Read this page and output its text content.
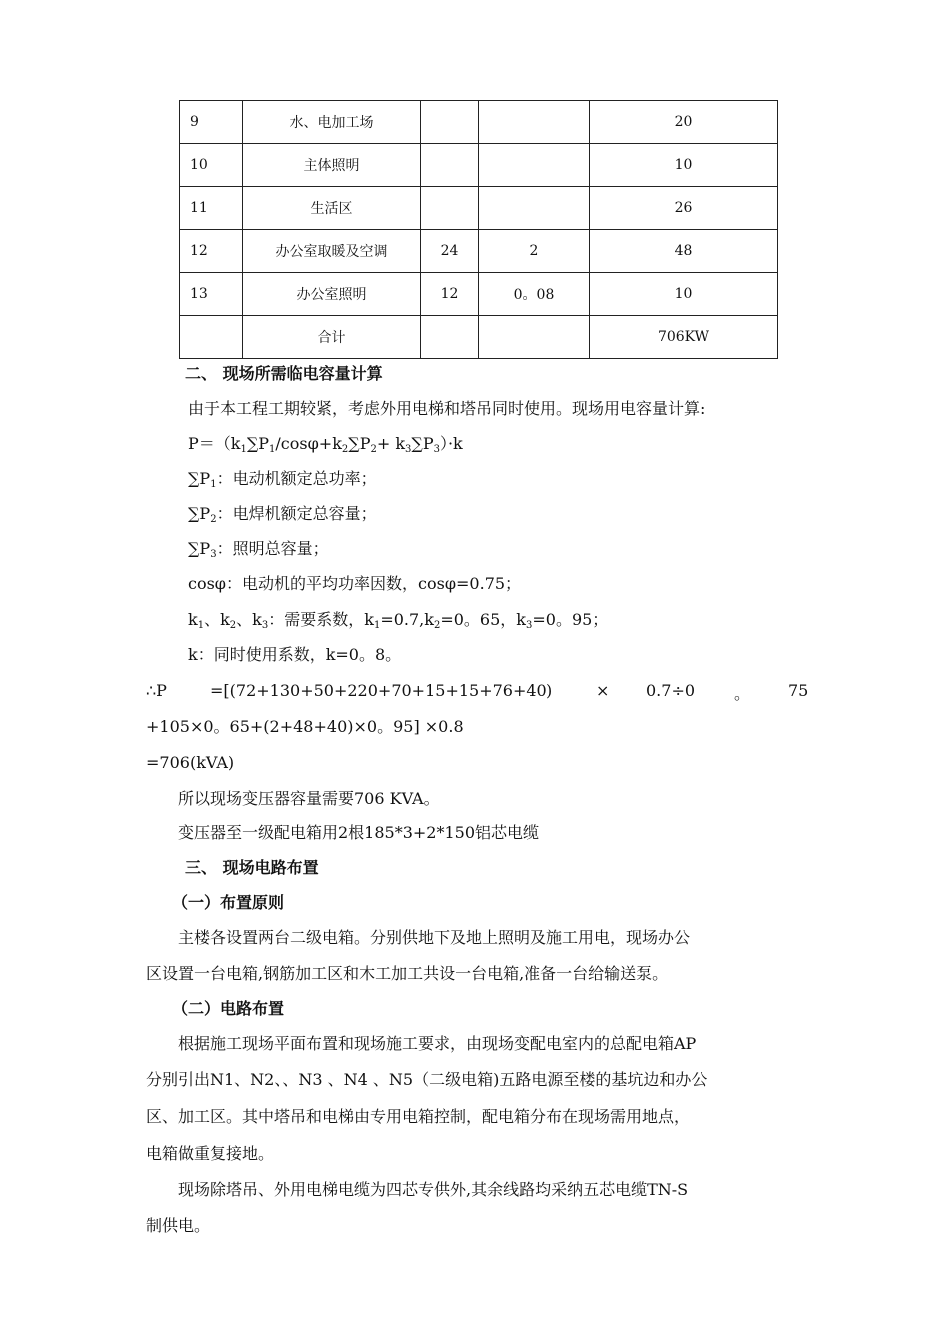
9	水、电加工场			20
10	主体照明			10
11	生活区			26
12	办公室取暖及空调	24	2	48
13	办公室照明	12	0。08	10
	合计			706KW
二、 现场所需临电容量计算
由于本工程工期较紧，考虑外用电梯和塔吊同时使用。现场用电容量计算:
$P=(k_1\sum P_1/\cos\varphi+k_2\sum P_2+ k_3\sum P_3)\cdot k$
$\sum P_1$：电动机额定总功率；
$\sum P_2$：电焊机额定总容量；
$\sum P_3$：照明总容量；
cosφ：电动机的平均功率因数，cosφ=0.75；
$k_1$、$k_2$、$k_3$：需要系数，$k_1=0.7,k_2=0$。65，$k_3=0$。95；
k：同时使用系数，k=0。8。
∴P	=[(72+130+50+220+70+15+15+76+40 )	× 0.7÷0 。 75
+105×0。65+(2+48+40)×0。95] ×0.8
=706(kVA)
所以现场变压器容量需要706 KVA。
变压器至一级配电箱用2根185*3+2*150铝芯电缆
三、 现场电路布置
（一）布置原则
主楼各设置两台二级电箱。分别供地下及地上照明及施工用电，现场办公
区设置一台电箱,钢筋加工区和木工加工共设一台电箱,准备一台给输送泵。
（二）电路布置
根据施工现场平面布置和现场施工要求，由现场变配电室内的总配电箱AP
分别引出N1、N2、、N3 、N4 、N5（二级电箱)五路电源至楼的基坑边和办公
区、加工区。其中塔吊和电梯由专用电箱控制，配电箱分布在现场需用地点，
电箱做重复接地。
现场除塔吊、外用电梯电缆为四芯专供外,其余线路均采纳五芯电缆TN-S
制供电。
